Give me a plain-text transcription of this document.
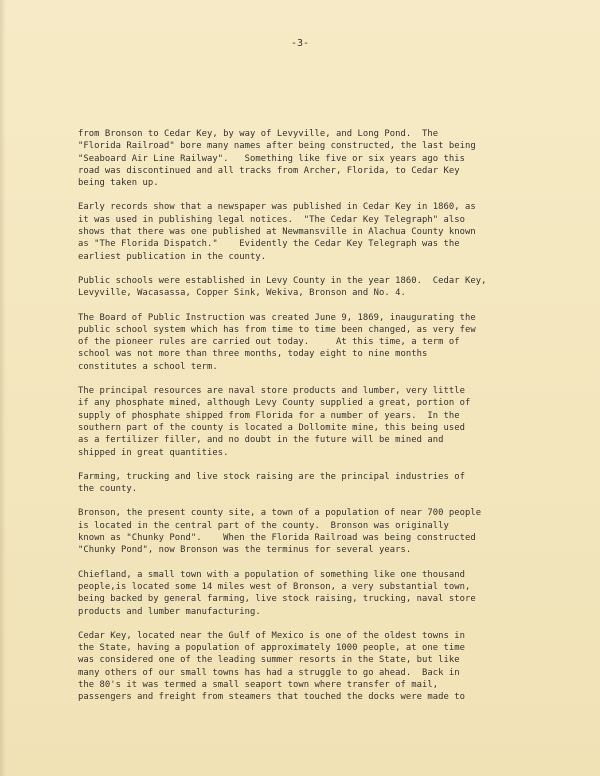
-3-
from Bronson to Cedar Key, by way of Levyville, and Long Pond.  The
"Florida Railroad" bore many names after being constructed, the last being
"Seaboard Air Line Railway".   Something like five or six years ago this
road was discontinued and all tracks from Archer, Florida, to Cedar Key
being taken up.
Early records show that a newspaper was published in Cedar Key in 1860, as
it was used in publishing legal notices.  "The Cedar Key Telegraph" also
shows that there was one published at Newmansville in Alachua County known
as "The Florida Dispatch."    Evidently the Cedar Key Telegraph was the
earliest publication in the county.
Public schools were established in Levy County in the year 1860.  Cedar Key,
Levyville, Wacasassa, Copper Sink, Wekiva, Bronson and No. 4.
The Board of Public Instruction was created June 9, 1869, inaugurating the
public school system which has from time to time been changed, as very few
of the pioneer rules are carried out today.     At this time, a term of
school was not more than three months, today eight to nine months
constitutes a school term.
The principal resources are naval store products and lumber, very little
if any phosphate mined, although Levy County supplied a great, portion of
supply of phosphate shipped from Florida for a number of years.  In the
southern part of the county is located a Dollomite mine, this being used
as a fertilizer filler, and no doubt in the future will be mined and
shipped in great quantities.
Farming, trucking and live stock raising are the principal industries of
the county.
Bronson, the present county site, a town of a population of near 700 people
is located in the central part of the county.  Bronson was originally
known as "Chunky Pond".    When the Florida Railroad was being constructed
"Chunky Pond", now Bronson was the terminus for several years.
Chiefland, a small town with a population of something like one thousand
people,is located some 14 miles west of Bronson, a very substantial town,
being backed by general farming, live stock raising, trucking, naval store
products and lumber manufacturing.
Cedar Key, located near the Gulf of Mexico is one of the oldest towns in
the State, having a population of approximately 1000 people, at one time
was considered one of the leading summer resorts in the State, but like
many others of our small towns has had a struggle to go ahead.  Back in
the 80's it was termed a small seaport town where transfer of mail,
passengers and freight from steamers that touched the docks were made to
